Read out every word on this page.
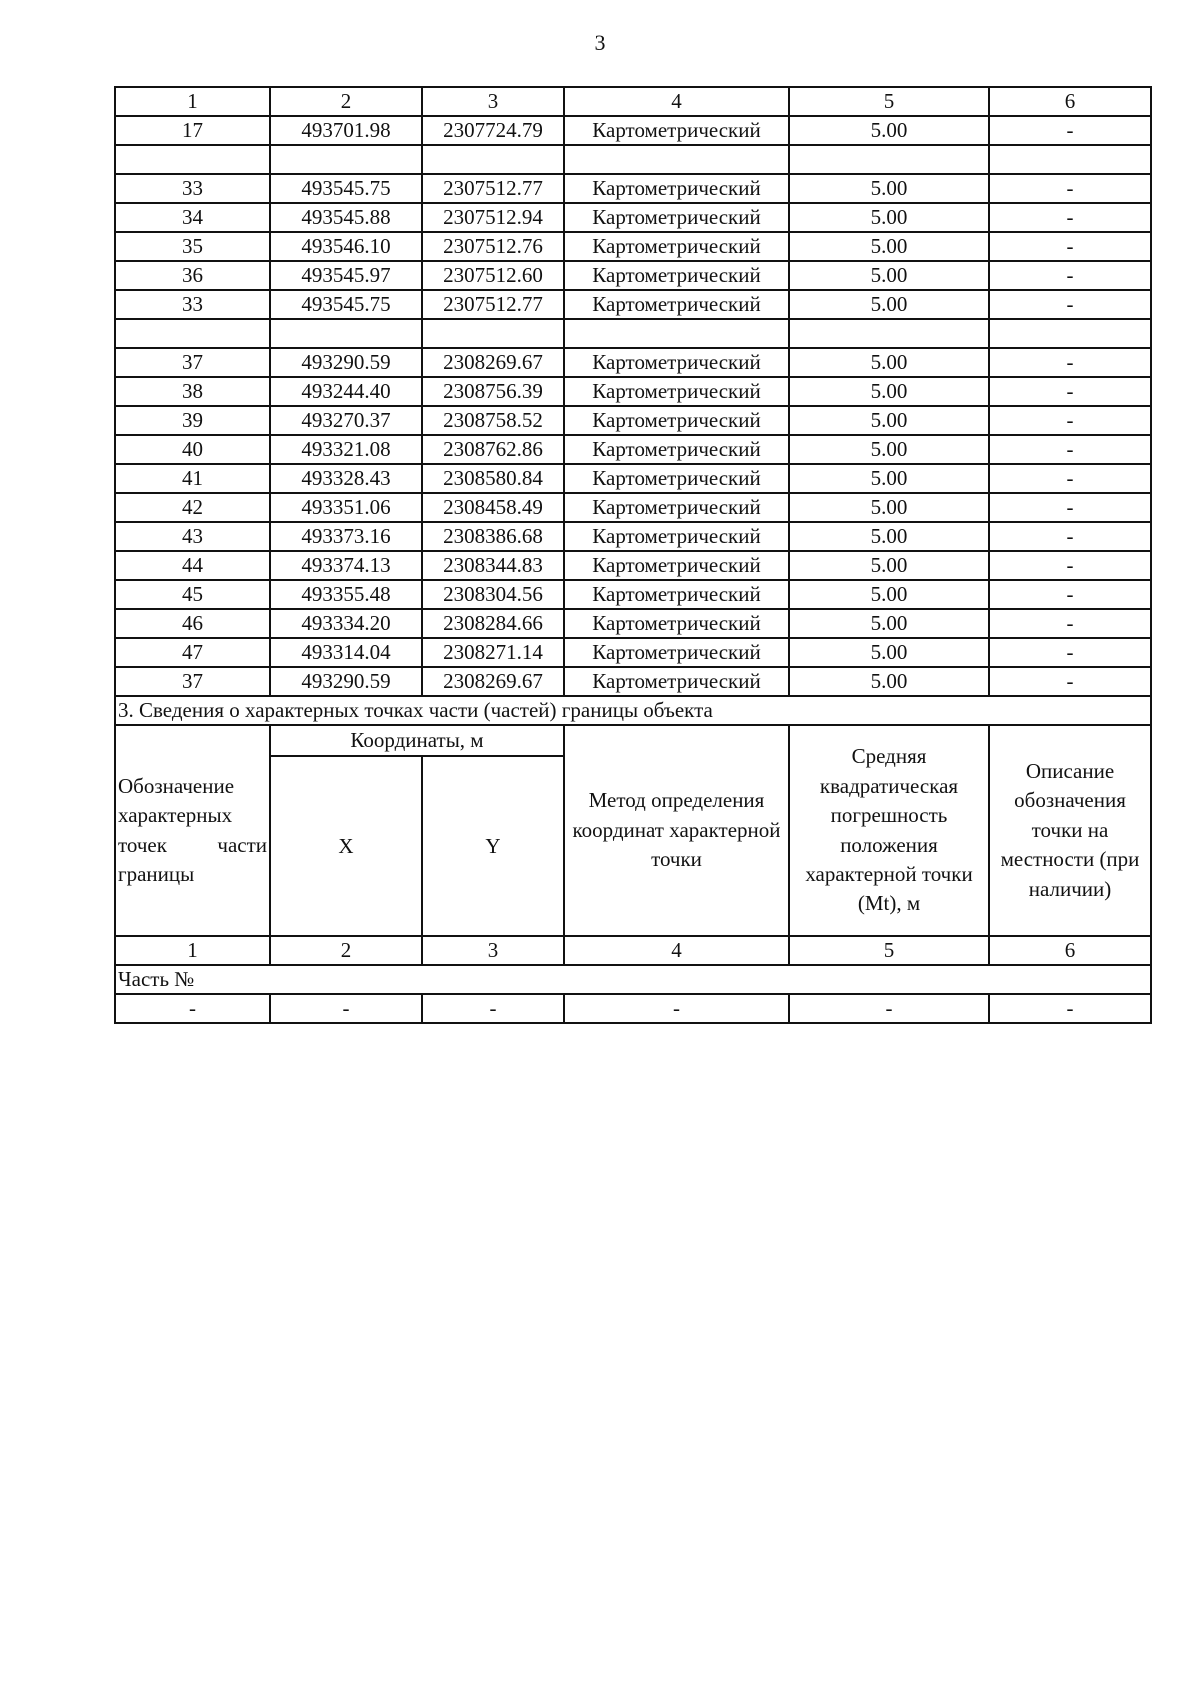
3
1	2	3	4	5	6
17	493701.98	2307724.79	Картометрический	5.00	-

33	493545.75	2307512.77	Картометрический	5.00	-
34	493545.88	2307512.94	Картометрический	5.00	-
35	493546.10	2307512.76	Картометрический	5.00	-
36	493545.97	2307512.60	Картометрический	5.00	-
33	493545.75	2307512.77	Картометрический	5.00	-

37	493290.59	2308269.67	Картометрический	5.00	-
38	493244.40	2308756.39	Картометрический	5.00	-
39	493270.37	2308758.52	Картометрический	5.00	-
40	493321.08	2308762.86	Картометрический	5.00	-
41	493328.43	2308580.84	Картометрический	5.00	-
42	493351.06	2308458.49	Картометрический	5.00	-
43	493373.16	2308386.68	Картометрический	5.00	-
44	493374.13	2308344.83	Картометрический	5.00	-
45	493355.48	2308304.56	Картометрический	5.00	-
46	493334.20	2308284.66	Картометрический	5.00	-
47	493314.04	2308271.14	Картометрический	5.00	-
37	493290.59	2308269.67	Картометрический	5.00	-
3. Сведения о характерных точках части (частей) границы объекта					
Обозначение характерных точек части границы	Координаты, м		Метод определения координат характерной точки	Средняя квадратическая погрешность положения характерной точки (Mt), м	Описание обозначения точки на местности (при наличии)
	X	Y			
1	2	3	4	5	6
Часть №					
-	-	-	-	-	-
